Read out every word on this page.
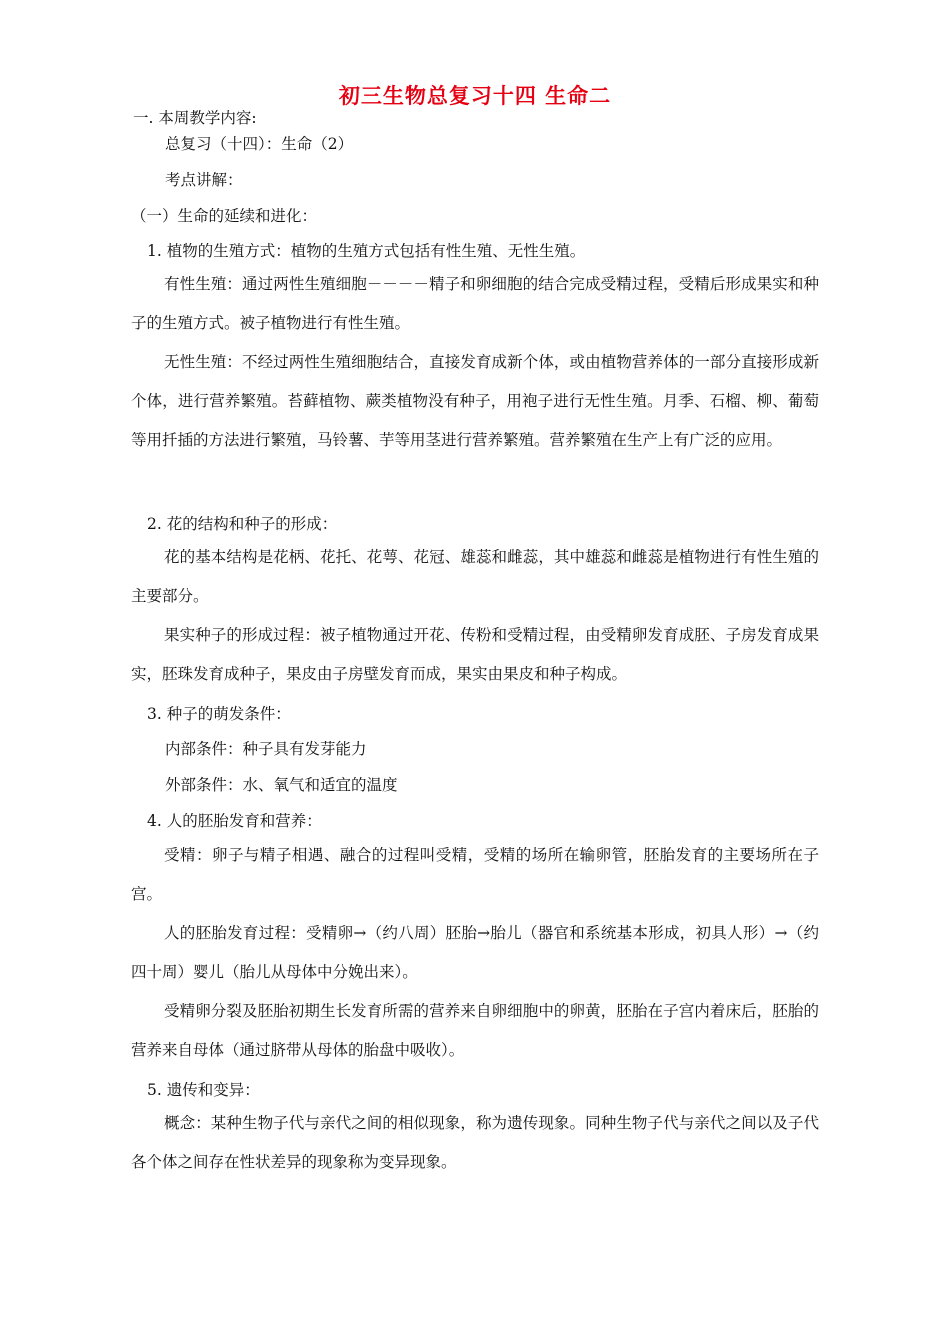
初三生物总复习十四 生命二
一. 本周教学内容:
总复习（十四）：生命（2）
考点讲解：
（一）生命的延续和进化：
1. 植物的生殖方式：植物的生殖方式包括有性生殖、无性生殖。

有性生殖：通过两性生殖细胞－－－－精子和卵细胞的结合完成受精过程，受精后形成果实和种子的生殖方式。被子植物进行有性生殖。

无性生殖：不经过两性生殖细胞结合，直接发育成新个体，或由植物营养体的一部分直接形成新个体，进行营养繁殖。苔藓植物、蕨类植物没有种子，用袍子进行无性生殖。月季、石榴、柳、葡萄等用扦插的方法进行繁殖，马铃薯、芋等用茎进行营养繁殖。营养繁殖在生产上有广泛的应用。

2. 花的结构和种子的形成：

花的基本结构是花柄、花托、花萼、花冠、雄蕊和雌蕊，其中雄蕊和雌蕊是植物进行有性生殖的主要部分。

果实种子的形成过程：被子植物通过开花、传粉和受精过程，由受精卵发育成胚、子房发育成果实，胚珠发育成种子，果皮由子房壁发育而成，果实由果皮和种子构成。

3. 种子的萌发条件：
内部条件：种子具有发芽能力
外部条件：水、氧气和适宜的温度
4. 人的胚胎发育和营养：

受精：卵子与精子相遇、融合的过程叫受精，受精的场所在输卵管，胚胎发育的主要场所在子宫。

人的胚胎发育过程：受精卵→（约八周）胚胎→胎儿（器官和系统基本形成，初具人形）→（约四十周）婴儿（胎儿从母体中分娩出来）。

受精卵分裂及胚胎初期生长发育所需的营养来自卵细胞中的卵黄，胚胎在子宫内着床后，胚胎的营养来自母体（通过脐带从母体的胎盘中吸收）。

5. 遗传和变异：

概念：某种生物子代与亲代之间的相似现象，称为遗传现象。同种生物子代与亲代之间以及子代各个体之间存在性状差异的现象称为变异现象。
